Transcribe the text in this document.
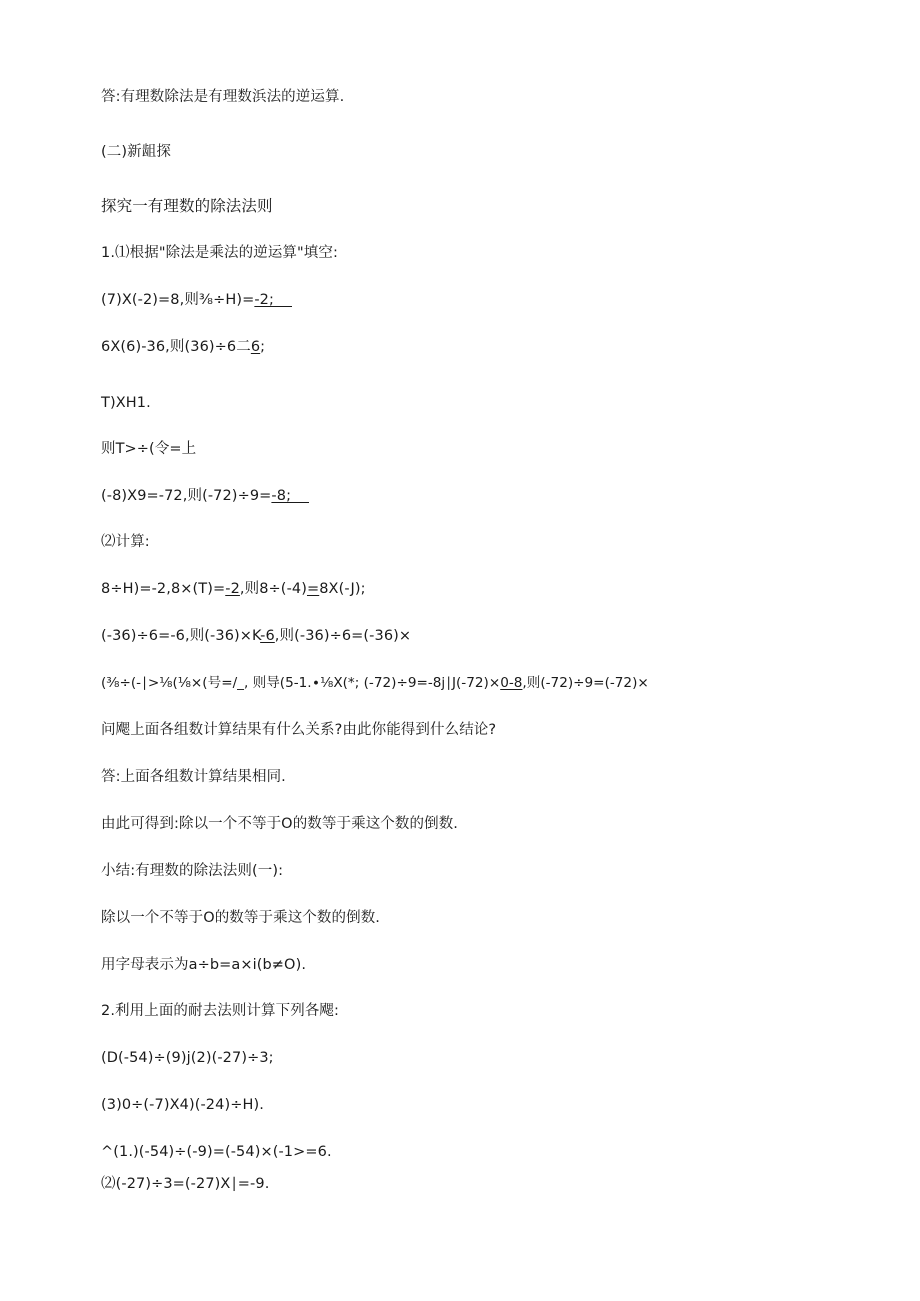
答:有理数除法是有理数浜法的逆运算.
(二)新龃探
探究一有理数的除法法则
1.⑴根据"除法是乘法的逆运算"填空:
(7)X(-2)=8,则⅜÷H)=-2;
6X(6)-36,则(36)÷6二6;
T)XH1.
则T>÷(令=上
(-8)X9=-72,则(-72)÷9=-8;
⑵计算:
8÷H)=-2,8×(T)=-2,则8÷(-4)=8X(-J);
(-36)÷6=-6,则(-36)×K-6,则(-36)÷6=(-36)×
(⅜÷(-∣>⅛(⅛×(号=/_, 则导(5-1.∙⅛X(*; (-72)÷9=-8j∣J(-72)×0-8,则(-72)÷9=(-72)×
问飔上面各组数计算结果有什么关系?由此你能得到什么结论?
答:上面各组数计算结果相同.
由此可得到:除以一个不等于O的数等于乘这个数的倒数.
小结:有理数的除法法则(一):
除以一个不等于O的数等于乘这个数的倒数.
用字母表示为a÷b=a×i(b≠O).
2.利用上面的耐去法则计算下列各飔:
(D(-54)÷(9)j(2)(-27)÷3;
(3)0÷(-7)X4)(-24)÷H).
^(1.)(-54)÷(-9)=(-54)×(-1>=6.
⑵(-27)÷3=(-27)X∣=-9.
